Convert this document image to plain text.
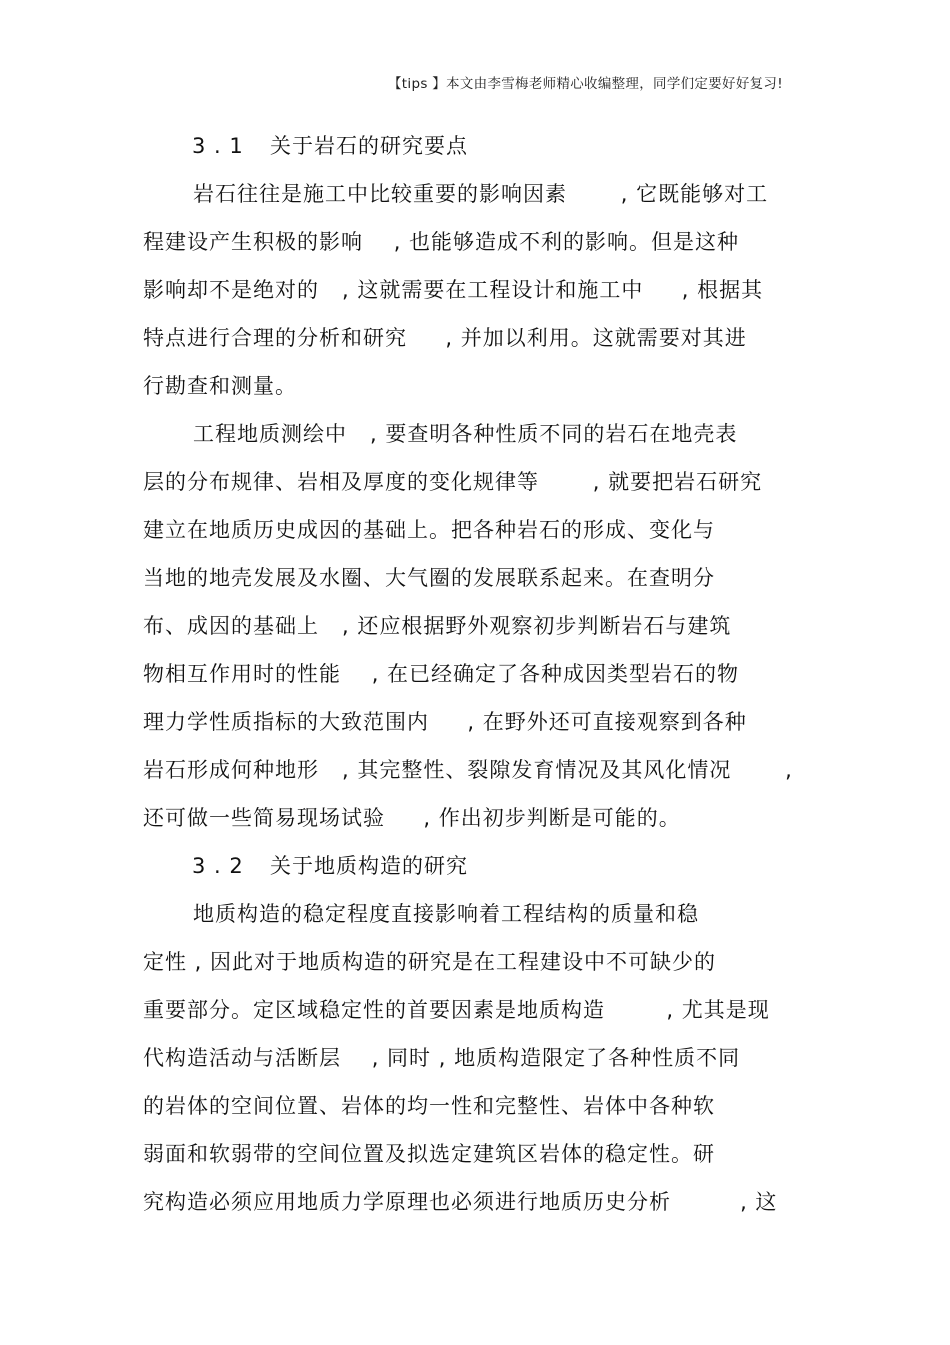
【tips 】本文由李雪梅老师精心收编整理，同学们定要好好复习!
3 . 1 关于岩石的研究要点
岩石往往是施工中比较重要的影响因素       , 它既能够对工
程建设产生积极的影响    , 也能够造成不利的影响。但是这种
影响却不是绝对的   , 这就需要在工程设计和施工中     , 根据其
特点进行合理的分析和研究     , 并加以利用。这就需要对其进
行勘查和测量。
工程地质测绘中   , 要查明各种性质不同的岩石在地壳表
层的分布规律、岩相及厚度的变化规律等       , 就要把岩石研究
建立在地质历史成因的基础上。把各种岩石的形成、变化与
当地的地壳发展及水圈、大气圈的发展联系起来。在查明分
布、成因的基础上   , 还应根据野外观察初步判断岩石与建筑
物相互作用时的性能    , 在已经确定了各种成因类型岩石的物
理力学性质指标的大致范围内     , 在野外还可直接观察到各种
岩石形成何种地形   , 其完整性、裂隙发育情况及其风化情况       ,
还可做一些简易现场试验     , 作出初步判断是可能的。
3 . 2 关于地质构造的研究
地质构造的稳定程度直接影响着工程结构的质量和稳
定性 , 因此对于地质构造的研究是在工程建设中不可缺少的
重要部分。定区域稳定性的首要因素是地质构造        , 尤其是现
代构造活动与活断层    , 同时 , 地质构造限定了各种性质不同
的岩体的空间位置、岩体的均一性和完整性、岩体中各种软
弱面和软弱带的空间位置及拟选定建筑区岩体的稳定性。研
究构造必须应用地质力学原理也必须进行地质历史分析         , 这
